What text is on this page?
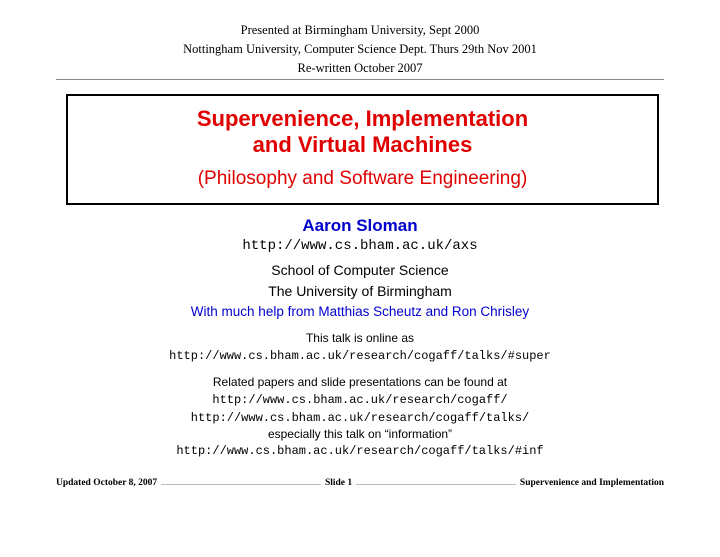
Presented at Birmingham University, Sept 2000
Nottingham University, Computer Science Dept. Thurs 29th Nov 2001
Re-written October 2007
Supervenience, Implementation
and Virtual Machines
(Philosophy and Software Engineering)
Aaron Sloman
http://www.cs.bham.ac.uk/axs
School of Computer Science
The University of Birmingham
With much help from Matthias Scheutz and Ron Chrisley
This talk is online as
http://www.cs.bham.ac.uk/research/cogaff/talks/#super
Related papers and slide presentations can be found at
http://www.cs.bham.ac.uk/research/cogaff/
http://www.cs.bham.ac.uk/research/cogaff/talks/
especially this talk on “information”
http://www.cs.bham.ac.uk/research/cogaff/talks/#inf
Updated October 8, 2007	Slide 1	Supervenience and Implementation
